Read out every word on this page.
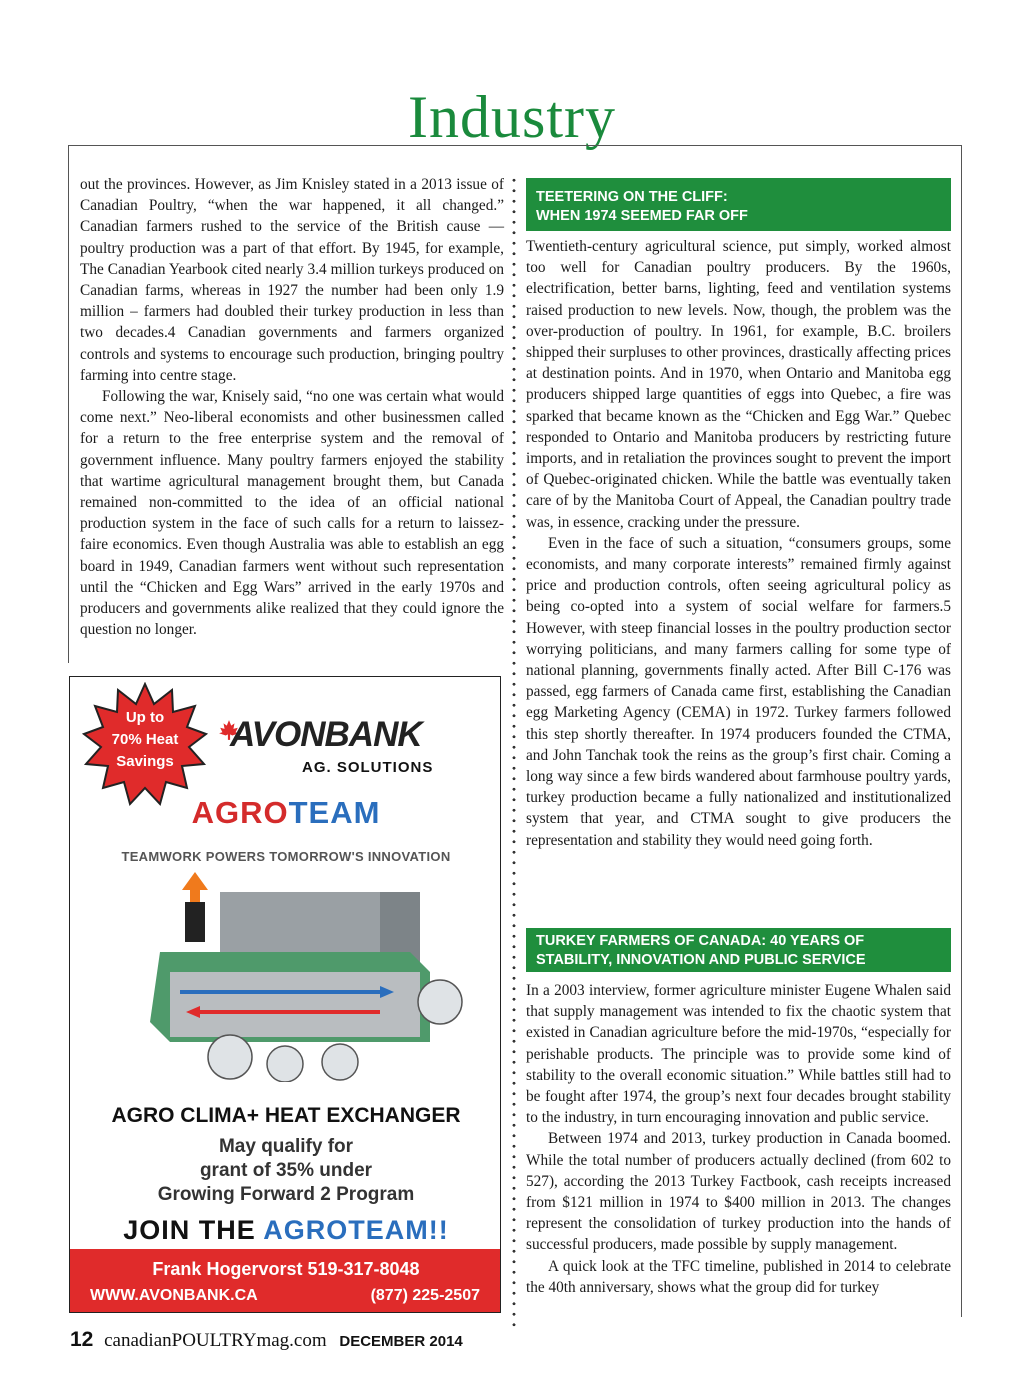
Industry

out the provinces. However, as Jim Knisley stated in a 2013 issue of Canadian Poultry, “when the war happened, it all changed.” Canadian farmers rushed to the service of the British cause — poultry production was a part of that effort. By 1945, for example, The Canadian Yearbook cited nearly 3.4 million turkeys produced on Canadian farms, whereas in 1927 the number had been only 1.9 million – farmers had doubled their turkey production in less than two decades.4 Canadian governments and farmers organized controls and systems to encourage such production, bringing poultry farming into centre stage.

Following the war, Knisely said, “no one was certain what would come next.” Neo-liberal economists and other businessmen called for a return to the free enterprise system and the removal of government influence. Many poultry farmers enjoyed the stability that wartime agricultural management brought them, but Canada remained non-committed to the idea of an official national production system in the face of such calls for a return to laissez-faire economics. Even though Australia was able to establish an egg board in 1949, Canadian farmers went without such representation until the “Chicken and Egg Wars” arrived in the early 1970s and producers and governments alike realized that they could ignore the question no longer.

TEETERING ON THE CLIFF:
WHEN 1974 SEEMED FAR OFF

Twentieth-century agricultural science, put simply, worked almost too well for Canadian poultry producers. By the 1960s, electrification, better barns, lighting, feed and ventilation systems raised production to new levels. Now, though, the problem was the over-production of poultry. In 1961, for example, B.C. broilers shipped their surpluses to other provinces, drastically affecting prices at destination points. And in 1970, when Ontario and Manitoba egg producers shipped large quantities of eggs into Quebec, a fire was sparked that became known as the “Chicken and Egg War.” Quebec responded to Ontario and Manitoba producers by restricting future imports, and in retaliation the provinces sought to prevent the import of Quebec-originated chicken. While the battle was eventually taken care of by the Manitoba Court of Appeal, the Canadian poultry trade was, in essence, cracking under the pressure.

Even in the face of such a situation, “consumers groups, some economists, and many corporate interests” remained firmly against price and production controls, often seeing agricultural policy as being co-opted into a system of social welfare for farmers.5 However, with steep financial losses in the poultry production sector worrying politicians, and many farmers calling for some type of national planning, governments finally acted. After Bill C-176 was passed, egg farmers of Canada came first, establishing the Canadian egg Marketing Agency (CEMA) in 1972. Turkey farmers followed this step shortly thereafter. In 1974 producers founded the CTMA, and John Tanchak took the reins as the group’s first chair. Coming a long way since a few birds wandered about farmhouse poultry yards, turkey production became a fully nationalized and institutionalized system that year, and CTMA sought to give producers the representation and stability they would need going forth.

TURKEY FARMERS OF CANADA: 40 YEARS OF
STABILITY, INNOVATION AND PUBLIC SERVICE

In a 2003 interview, former agriculture minister Eugene Whalen said that supply management was intended to fix the chaotic system that existed in Canadian agriculture before the mid-1970s, “especially for perishable products. The principle was to provide some kind of stability to the overall economic situation.” While battles still had to be fought after 1974, the group’s next four decades brought stability to the industry, in turn encouraging innovation and public service.

Between 1974 and 2013, turkey production in Canada boomed. While the total number of producers actually declined (from 602 to 527), according the 2013 Turkey Factbook, cash receipts increased from $121 million in 1974 to $400 million in 2013. The changes represent the consolidation of turkey production into the hands of successful producers, made possible by supply management.

A quick look at the TFC timeline, published in 2014 to celebrate the 40th anniversary, shows what the group did for turkey

Up to
70% Heat
Savings
AVONBANK
AG. SOLUTIONS
AGROTEAM
TEAMWORK POWERS TOMORROW'S INNOVATION
AGRO CLIMA+ HEAT EXCHANGER
May qualify for
grant of 35% under
Growing Forward 2 Program
JOIN THE AGROTEAM!!
Frank Hogervorst 519-317-8048
WWW.AVONBANK.CA	(877) 225-2507
12 canadianPOULTRYmag.com DECEMBER 2014
